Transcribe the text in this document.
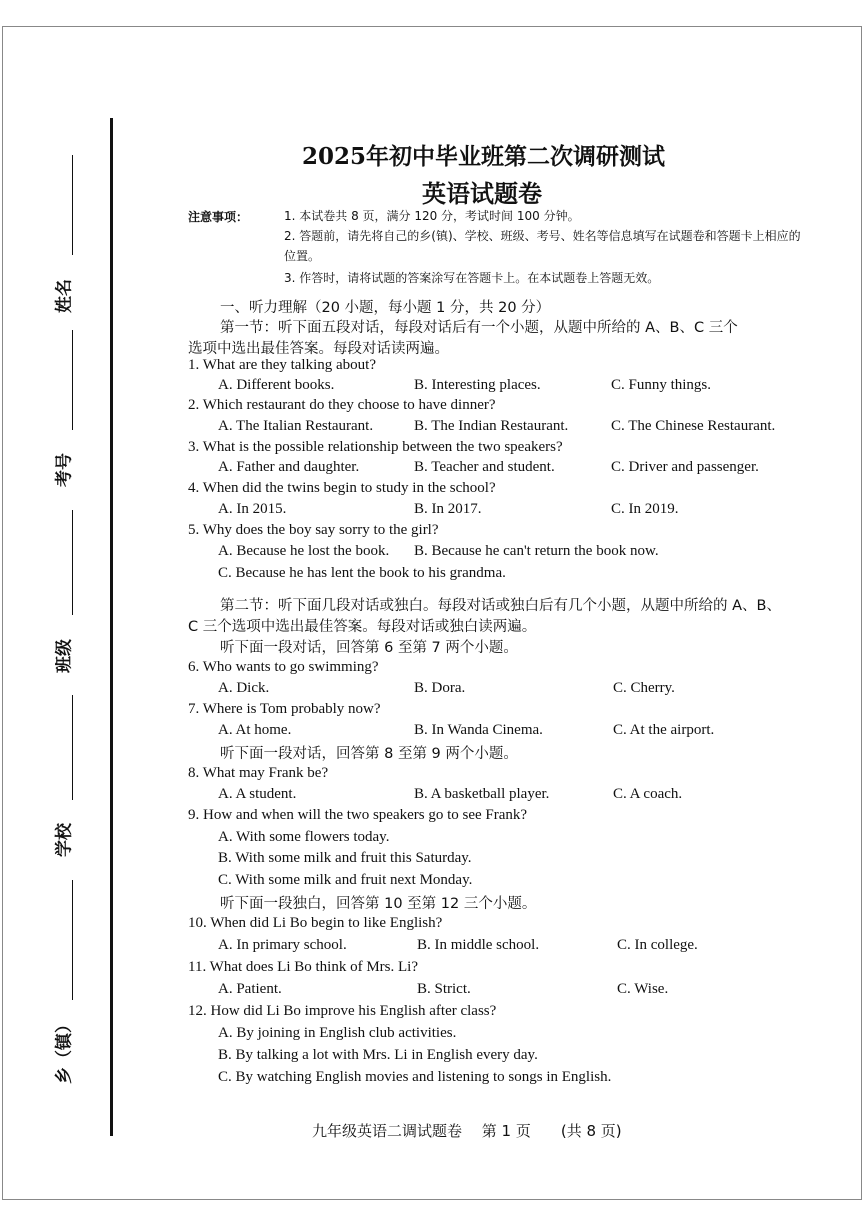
姓名
考号
班级
学校
乡（镇）
2025年初中毕业班第二次调研测试
英语试题卷
注意事项：	1. 本试卷共 8 页，满分 120 分，考试时间 100 分钟。
2. 答题前，请先将自己的乡(镇)、学校、班级、考号、姓名等信息填写在试题卷和答题卡上相应的位置。
3. 作答时，请将试题的答案涂写在答题卡上。在本试题卷上答题无效。
一、听力理解（20 小题，每小题 1 分，共 20 分）
第一节：听下面五段对话，每段对话后有一个小题，从题中所给的 A、B、C 三个
选项中选出最佳答案。每段对话读两遍。
1. What are they talking about?
A. Different books.	B. Interesting places.	C. Funny things.
2. Which restaurant do they choose to have dinner?
A. The Italian Restaurant.	B. The Indian Restaurant.	C. The Chinese Restaurant.
3. What is the possible relationship between the two speakers?
A. Father and daughter.	B. Teacher and student.	C. Driver and passenger.
4. When did the twins begin to study in the school?
A. In 2015.	B. In 2017.	C. In 2019.
5. Why does the boy say sorry to the girl?
A. Because he lost the book. B. Because he can't return the book now.
C. Because he has lent the book to his grandma.
第二节：听下面几段对话或独白。每段对话或独白后有几个小题，从题中所给的 A、B、
C 三个选项中选出最佳答案。每段对话或独白读两遍。
听下面一段对话，回答第 6 至第 7 两个小题。
6. Who wants to go swimming?
A. Dick.	B. Dora.	C. Cherry.
7. Where is Tom probably now?
A. At home.	B. In Wanda Cinema.	C. At the airport.
听下面一段对话，回答第 8 至第 9 两个小题。
8. What may Frank be?
A. A student.	B. A basketball player.	C. A coach.
9. How and when will the two speakers go to see Frank?
A. With some flowers today.
B. With some milk and fruit this Saturday.
C. With some milk and fruit next Monday.
听下面一段独白，回答第 10 至第 12 三个小题。
10. When did Li Bo begin to like English?
A. In primary school.	B. In middle school.	C. In college.
11. What does Li Bo think of Mrs. Li?
A. Patient.	B. Strict.	C. Wise.
12. How did Li Bo improve his English after class?
A. By joining in English club activities.
B. By talking a lot with Mrs. Li in English every day.
C. By watching English movies and listening to songs in English.
九年级英语二调试题卷　 第 1 页　　(共 8 页)
